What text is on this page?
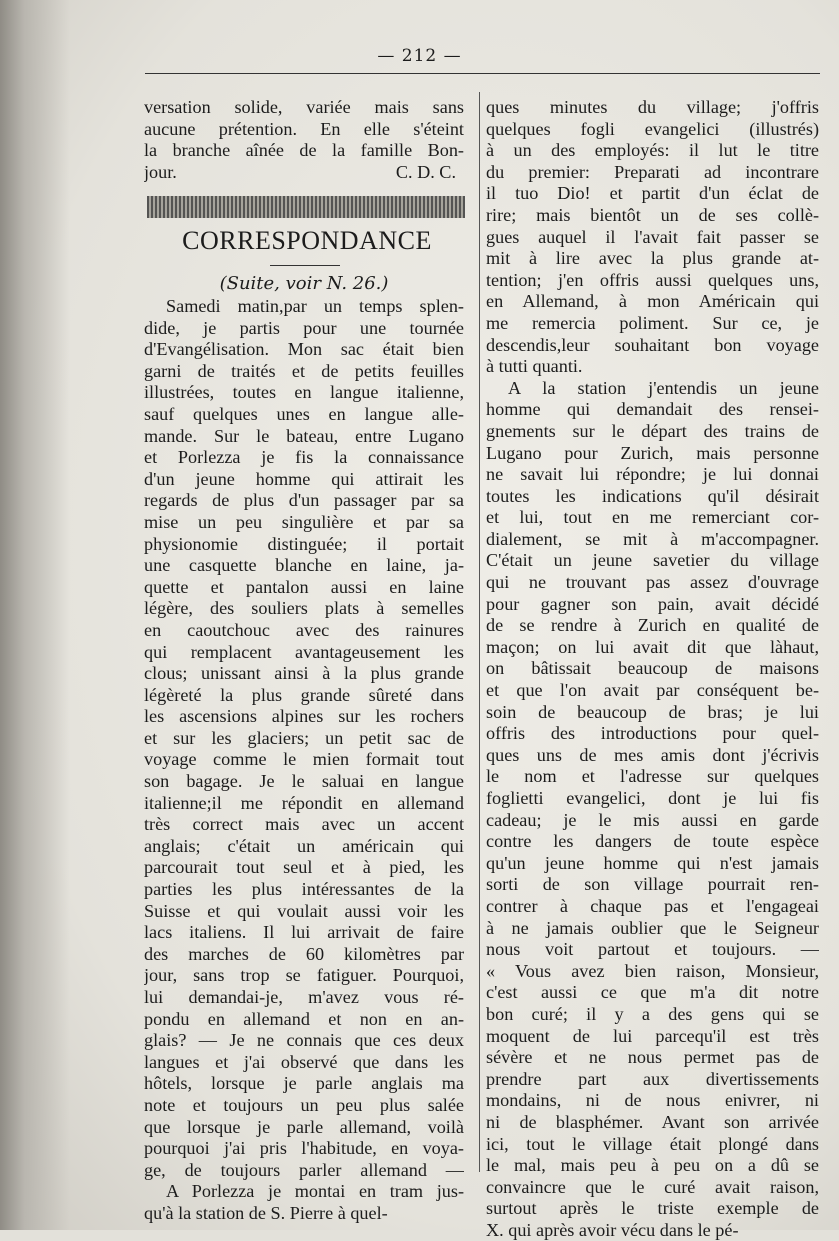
— 212 —
versation solide, variée mais sans
aucune prétention. En elle s'éteint
la branche aînée de la famille Bon-
jour.	C. D. C.
CORRESPONDANCE
(Suite, voir N. 26.)
Samedi matin,par un temps splen-
dide, je partis pour une tournée
d'Evangélisation. Mon sac était bien
garni de traités et de petits feuilles
illustrées, toutes en langue italienne,
sauf quelques unes en langue alle-
mande. Sur le bateau, entre Lugano
et Porlezza je fis la connaissance
d'un jeune homme qui attirait les
regards de plus d'un passager par sa
mise un peu singulière et par sa
physionomie distinguée; il portait
une casquette blanche en laine, ja-
quette et pantalon aussi en laine
légère, des souliers plats à semelles
en caoutchouc avec des rainures
qui remplacent avantageusement les
clous; unissant ainsi à la plus grande
légèreté la plus grande sûreté dans
les ascensions alpines sur les rochers
et sur les glaciers; un petit sac de
voyage comme le mien formait tout
son bagage. Je le saluai en langue
italienne;il me répondit en allemand
très correct mais avec un accent
anglais; c'était un américain qui
parcourait tout seul et à pied, les
parties les plus intéressantes de la
Suisse et qui voulait aussi voir les
lacs italiens. Il lui arrivait de faire
des marches de 60 kilomètres par
jour, sans trop se fatiguer. Pourquoi,
lui demandai-je, m'avez vous ré-
pondu en allemand et non en an-
glais? — Je ne connais que ces deux
langues et j'ai observé que dans les
hôtels, lorsque je parle anglais ma
note et toujours un peu plus salée
que lorsque je parle allemand, voilà
pourquoi j'ai pris l'habitude, en voya-
ge, de toujours parler allemand —
A Porlezza je montai en tram jus-
qu'à la station de S. Pierre à quel-
ques minutes du village; j'offris
quelques fogli evangelici (illustrés)
à un des employés: il lut le titre
du premier: Preparati ad incontrare
il tuo Dio! et partit d'un éclat de
rire; mais bientôt un de ses collè-
gues auquel il l'avait fait passer se
mit à lire avec la plus grande at-
tention; j'en offris aussi quelques uns,
en Allemand, à mon Américain qui
me remercia poliment. Sur ce, je
descendis,leur souhaitant bon voyage
à tutti quanti.
A la station j'entendis un jeune
homme qui demandait des rensei-
gnements sur le départ des trains de
Lugano pour Zurich, mais personne
ne savait lui répondre; je lui donnai
toutes les indications qu'il désirait
et lui, tout en me remerciant cor-
dialement, se mit à m'accompagner.
C'était un jeune savetier du village
qui ne trouvant pas assez d'ouvrage
pour gagner son pain, avait décidé
de se rendre à Zurich en qualité de
maçon; on lui avait dit que làhaut,
on bâtissait beaucoup de maisons
et que l'on avait par conséquent be-
soin de beaucoup de bras; je lui
offris des introductions pour quel-
ques uns de mes amis dont j'écrivis
le nom et l'adresse sur quelques
foglietti evangelici, dont je lui fis
cadeau; je le mis aussi en garde
contre les dangers de toute espèce
qu'un jeune homme qui n'est jamais
sorti de son village pourrait ren-
contrer à chaque pas et l'engageai
à ne jamais oublier que le Seigneur
nous voit partout et toujours. —
« Vous avez bien raison, Monsieur,
c'est aussi ce que m'a dit notre
bon curé; il y a des gens qui se
moquent de lui parcequ'il est très
sévère et ne nous permet pas de
prendre part aux divertissements
mondains, ni de nous enivrer, ni
ni de blasphémer. Avant son arrivée
ici, tout le village était plongé dans
le mal, mais peu à peu on a dû se
convaincre que le curé avait raison,
surtout après le triste exemple de
X. qui après avoir vécu dans le pé-
